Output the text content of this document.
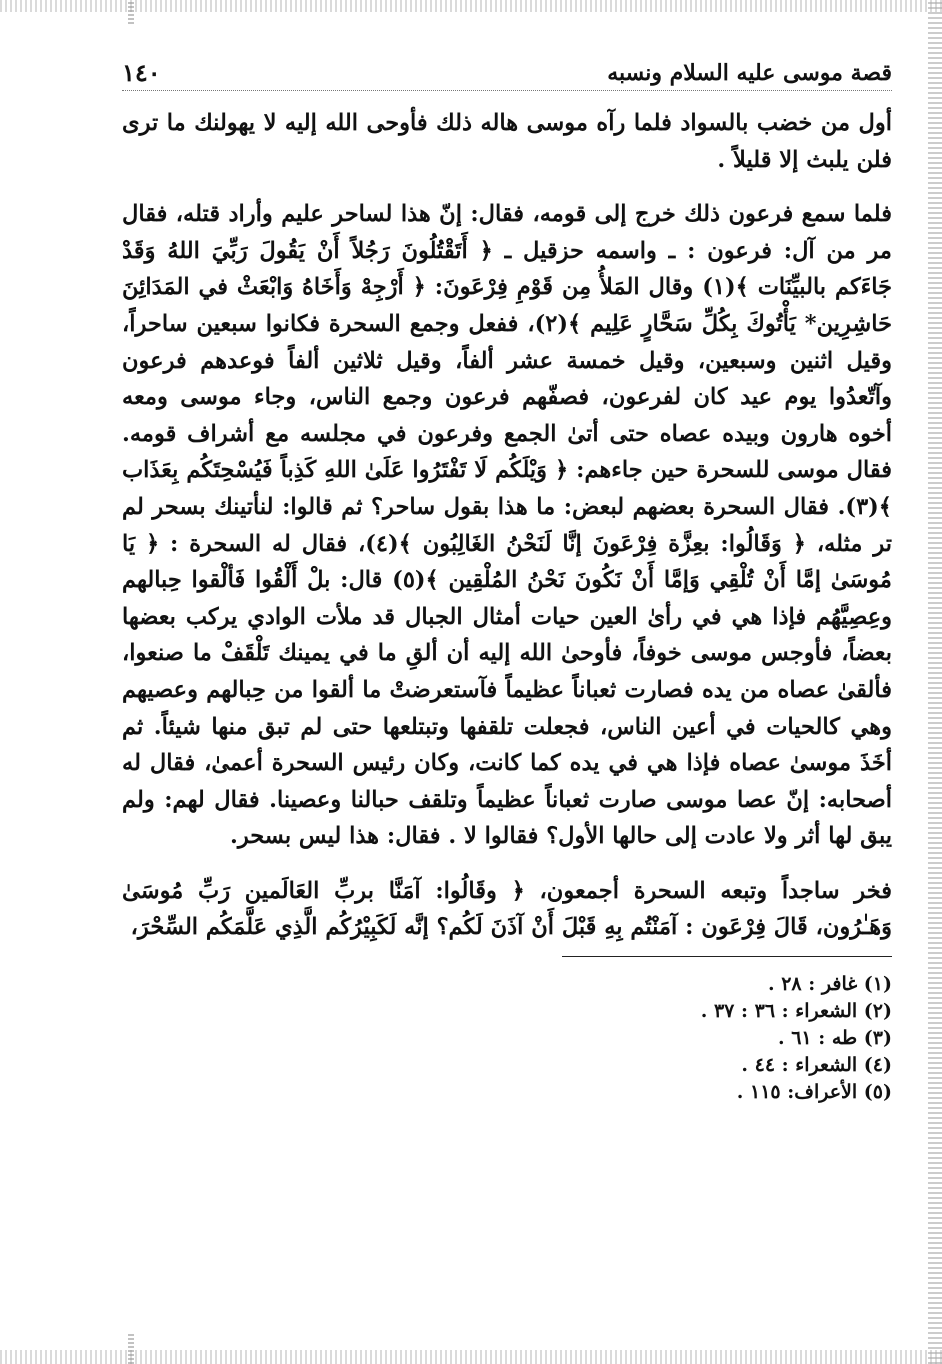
قصة موسى عليه السلام ونسبه
١٤٠

أول من خضب بالسواد فلما رآه موسى هاله ذلك فأوحى الله إليه لا يهولنك ما ترى فلن يلبث إلا قليلاً .

فلما سمع فرعون ذلك خرج إلى قومه، فقال: إنّ هذا لساحر عليم وأراد قتله، فقال مر من آل: فرعون : ـ واسمه حزقيل ـ ﴿ أَتَقْتُلُونَ رَجُلاً أَنْ يَقُولَ رَبِّيَ اللهُ وَقَدْ جَاءَكم بالبيِّنَات ﴾(١) وقال المَلأُ مِن قَوْمِ فِرْعَونَ: ﴿ أَرْجِهْ وَأَخَاهُ وَابْعَثْ في المَدَائِنَ حَاشِرِين* يَأْتُوكَ بِكُلِّ سَحَّارٍ عَلِيم ﴾(٢)، ففعل وجمع السحرة فكانوا سبعين ساحراً، وقيل اثنين وسبعين، وقيل خمسة عشر ألفاً، وقيل ثلاثين ألفاً فوعدهم فرعون وآتّعدُوا يوم عيد كان لفرعون، فصفّهم فرعون وجمع الناس، وجاء موسى ومعه أخوه هارون وبيده عصاه حتى أتىٰ الجمع وفرعون في مجلسه مع أشراف قومه. فقال موسى للسحرة حين جاءهم: ﴿ وَيْلَكُم لَا تَفْتَرُوا عَلَىٰ اللهِ كَذِباً فَيُسْحِتَكُم بِعَذَاب ﴾(٣). فقال السحرة بعضهم لبعض: ما هذا بقول ساحر؟ ثم قالوا: لنأتينك بسحر لم تر مثله، ﴿ وَقَالُوا: بعِزَّة فِرْعَونَ إنَّا لَنَحْنُ الغَالِبُون ﴾(٤)، فقال له السحرة : ﴿ يَا مُوسَىٰ إمَّا أَنْ تُلْقِي وَإمَّا أَنْ نَكُونَ نَحْنُ المُلْقِين ﴾(٥) قال: بلْ أَلْقُوا فَألْقوا حِبالهم وعِصِيَّهُم فإذا هي في رأىٰ العين حيات أمثال الجبال قد ملأت الوادي يركب بعضها بعضاً، فأوجس موسى خوفاً، فأوحىٰ الله إليه أن ألقِ ما في يمينك تَلْقَفْ ما صنعوا، فألقىٰ عصاه من يده فصارت ثعباناً عظيماً فآستعرضتْ ما ألقوا من حِبالهم وعصيهم وهي كالحيات في أعين الناس، فجعلت تلقفها وتبتلعها حتى لم تبق منها شيئاً. ثم أخَذَ موسىٰ عصاه فإذا هي في يده كما كانت، وكان رئيس السحرة أعمىٰ، فقال له أصحابه: إنّ عصا موسى صارت ثعباناً عظيماً وتلقف حبالنا وعصينا. فقال لهم: ولم يبق لها أثر ولا عادت إلى حالها الأول؟ فقالوا لا . فقال: هذا ليس بسحر.

فخر ساجداً وتبعه السحرة أجمعون، ﴿ وقَالُوا: آمَنَّا بربِّ العَالَمين رَبِّ مُوسَىٰ وَهَـٰرُون، قَالَ فِرْعَون : آمَنْتُم بِهِ قَبْلَ أَنْ آذَنَ لَكُم؟ إنَّه لَكَبِيْرُكُم الَّذِي عَلَّمَكُم السِّحْرَ،

(١) غافر : ٢٨ .
(٢) الشعراء : ٣٦ : ٣٧ .
(٣) طه : ٦١ .
(٤) الشعراء : ٤٤ .
(٥) الأعراف: ١١٥ .
